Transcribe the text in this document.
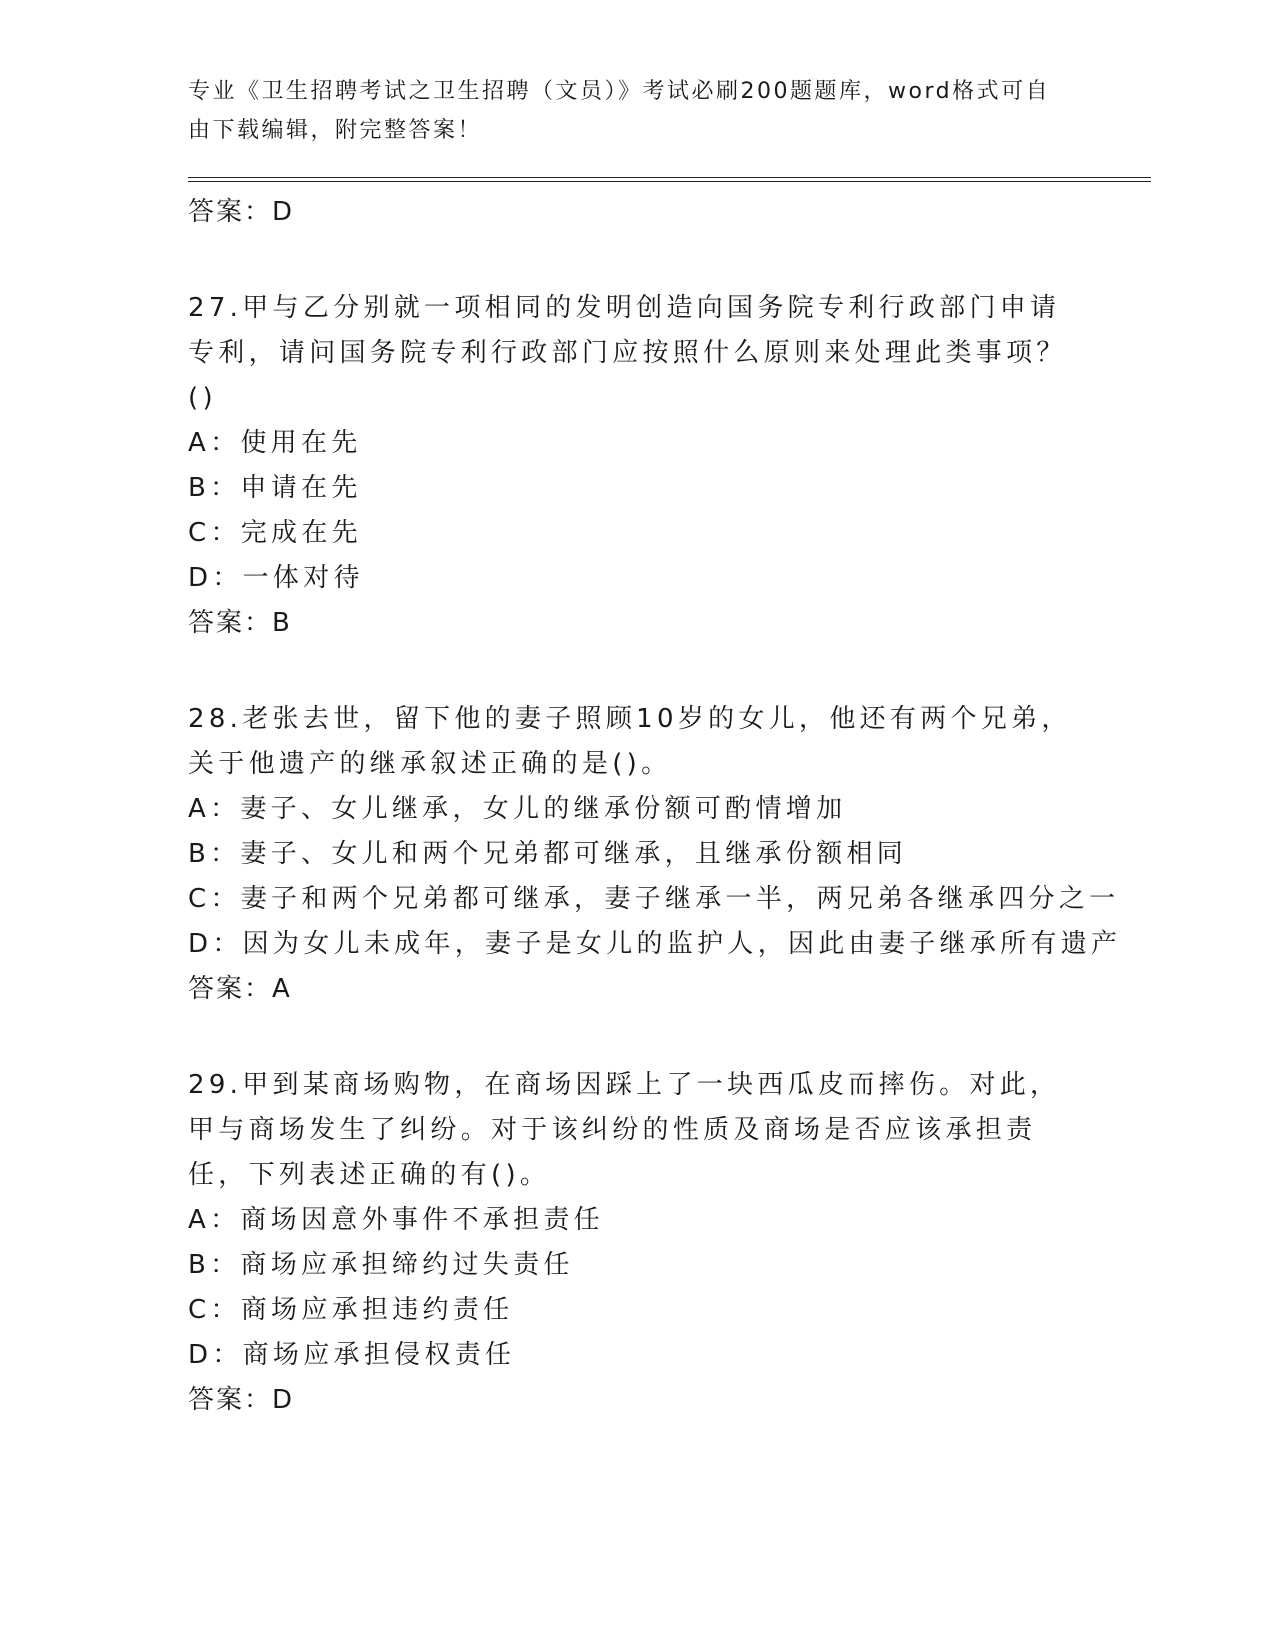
专业《卫生招聘考试之卫生招聘（文员）》考试必刷200题题库，word格式可自由下载编辑，附完整答案！

答案：D

27.甲与乙分别就一项相同的发明创造向国务院专利行政部门申请专利，请问国务院专利行政部门应按照什么原则来处理此类事项？()

A：使用在先
B：申请在先
C：完成在先
D：一体对待
答案：B

28.老张去世，留下他的妻子照顾10岁的女儿，他还有两个兄弟，关于他遗产的继承叙述正确的是()。

A：妻子、女儿继承，女儿的继承份额可酌情增加
B：妻子、女儿和两个兄弟都可继承，且继承份额相同
C：妻子和两个兄弟都可继承，妻子继承一半，两兄弟各继承四分之一
D：因为女儿未成年，妻子是女儿的监护人，因此由妻子继承所有遗产
答案：A

29.甲到某商场购物，在商场因踩上了一块西瓜皮而摔伤。对此，甲与商场发生了纠纷。对于该纠纷的性质及商场是否应该承担责任，下列表述正确的有()。

A：商场因意外事件不承担责任
B：商场应承担缔约过失责任
C：商场应承担违约责任
D：商场应承担侵权责任
答案：D
